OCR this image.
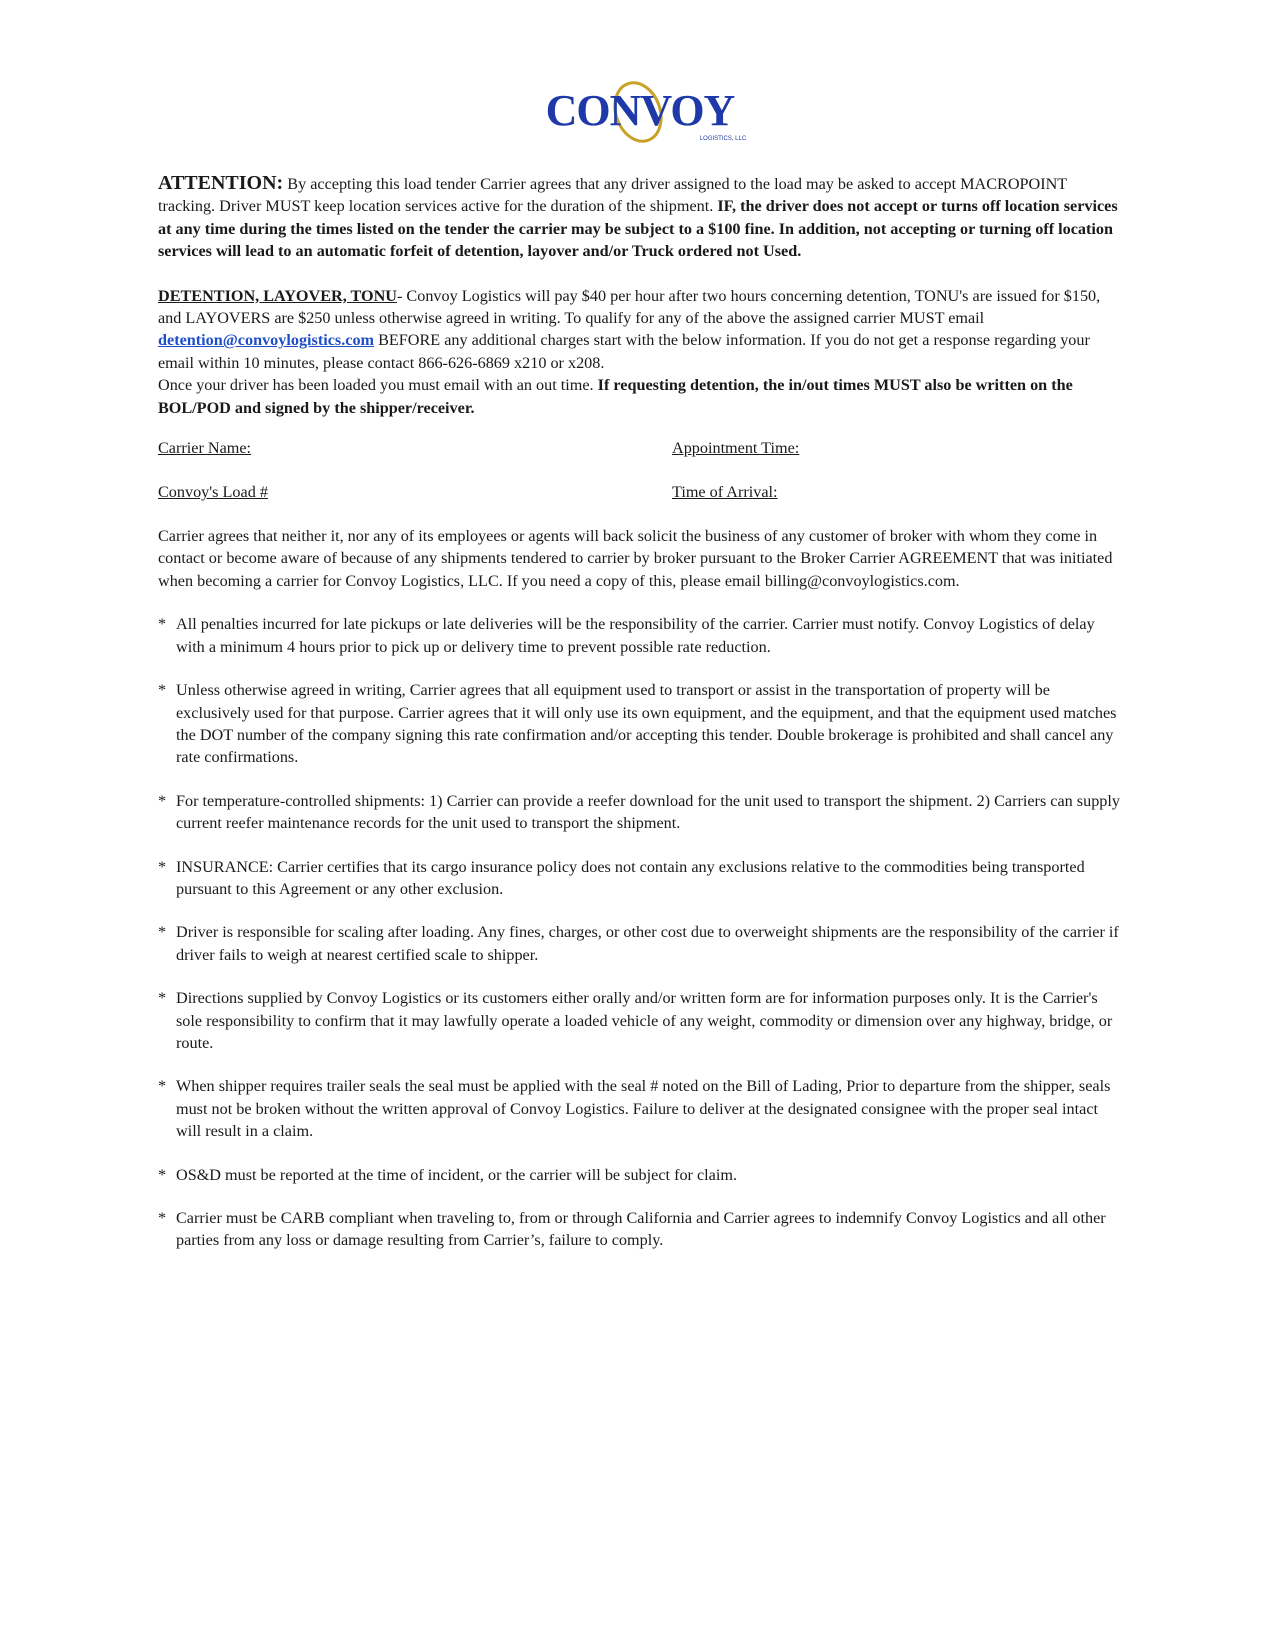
CONVOY
LOGISTICS, LLC

ATTENTION: By accepting this load tender Carrier agrees that any driver assigned to the load may be asked to accept MACROPOINT tracking. Driver MUST keep location services active for the duration of the shipment. IF, the driver does not accept or turns off location services at any time during the times listed on the tender the carrier may be subject to a $100 fine. In addition, not accepting or turning off location services will lead to an automatic forfeit of detention, layover and/or Truck ordered not Used.

DETENTION, LAYOVER, TONU- Convoy Logistics will pay $40 per hour after two hours concerning detention, TONU's are issued for $150, and LAYOVERS are $250 unless otherwise agreed in writing. To qualify for any of the above the assigned carrier MUST email detention@convoylogistics.com BEFORE any additional charges start with the below information. If you do not get a response regarding your email within 10 minutes, please contact 866-626-6869 x210 or x208.
Once your driver has been loaded you must email with an out time. If requesting detention, the in/out times MUST also be written on the BOL/POD and signed by the shipper/receiver.

Carrier Name:	Appointment Time:
Convoy's Load #	Time of Arrival:

Carrier agrees that neither it, nor any of its employees or agents will back solicit the business of any customer of broker with whom they come in contact or become aware of because of any shipments tendered to carrier by broker pursuant to the Broker Carrier AGREEMENT that was initiated when becoming a carrier for Convoy Logistics, LLC. If you need a copy of this, please email billing@convoylogistics.com.

* All penalties incurred for late pickups or late deliveries will be the responsibility of the carrier. Carrier must notify. Convoy Logistics of delay with a minimum 4 hours prior to pick up or delivery time to prevent possible rate reduction.
* Unless otherwise agreed in writing, Carrier agrees that all equipment used to transport or assist in the transportation of property will be exclusively used for that purpose. Carrier agrees that it will only use its own equipment, and the equipment, and that the equipment used matches the DOT number of the company signing this rate confirmation and/or accepting this tender. Double brokerage is prohibited and shall cancel any rate confirmations.
* For temperature-controlled shipments: 1) Carrier can provide a reefer download for the unit used to transport the shipment. 2) Carriers can supply current reefer maintenance records for the unit used to transport the shipment.
* INSURANCE: Carrier certifies that its cargo insurance policy does not contain any exclusions relative to the commodities being transported pursuant to this Agreement or any other exclusion.
* Driver is responsible for scaling after loading. Any fines, charges, or other cost due to overweight shipments are the responsibility of the carrier if driver fails to weigh at nearest certified scale to shipper.
* Directions supplied by Convoy Logistics or its customers either orally and/or written form are for information purposes only. It is the Carrier's sole responsibility to confirm that it may lawfully operate a loaded vehicle of any weight, commodity or dimension over any highway, bridge, or route.
* When shipper requires trailer seals the seal must be applied with the seal # noted on the Bill of Lading, Prior to departure from the shipper, seals must not be broken without the written approval of Convoy Logistics. Failure to deliver at the designated consignee with the proper seal intact will result in a claim.
* OS&D must be reported at the time of incident, or the carrier will be subject for claim.
* Carrier must be CARB compliant when traveling to, from or through California and Carrier agrees to indemnify Convoy Logistics and all other parties from any loss or damage resulting from Carrier’s, failure to comply.
